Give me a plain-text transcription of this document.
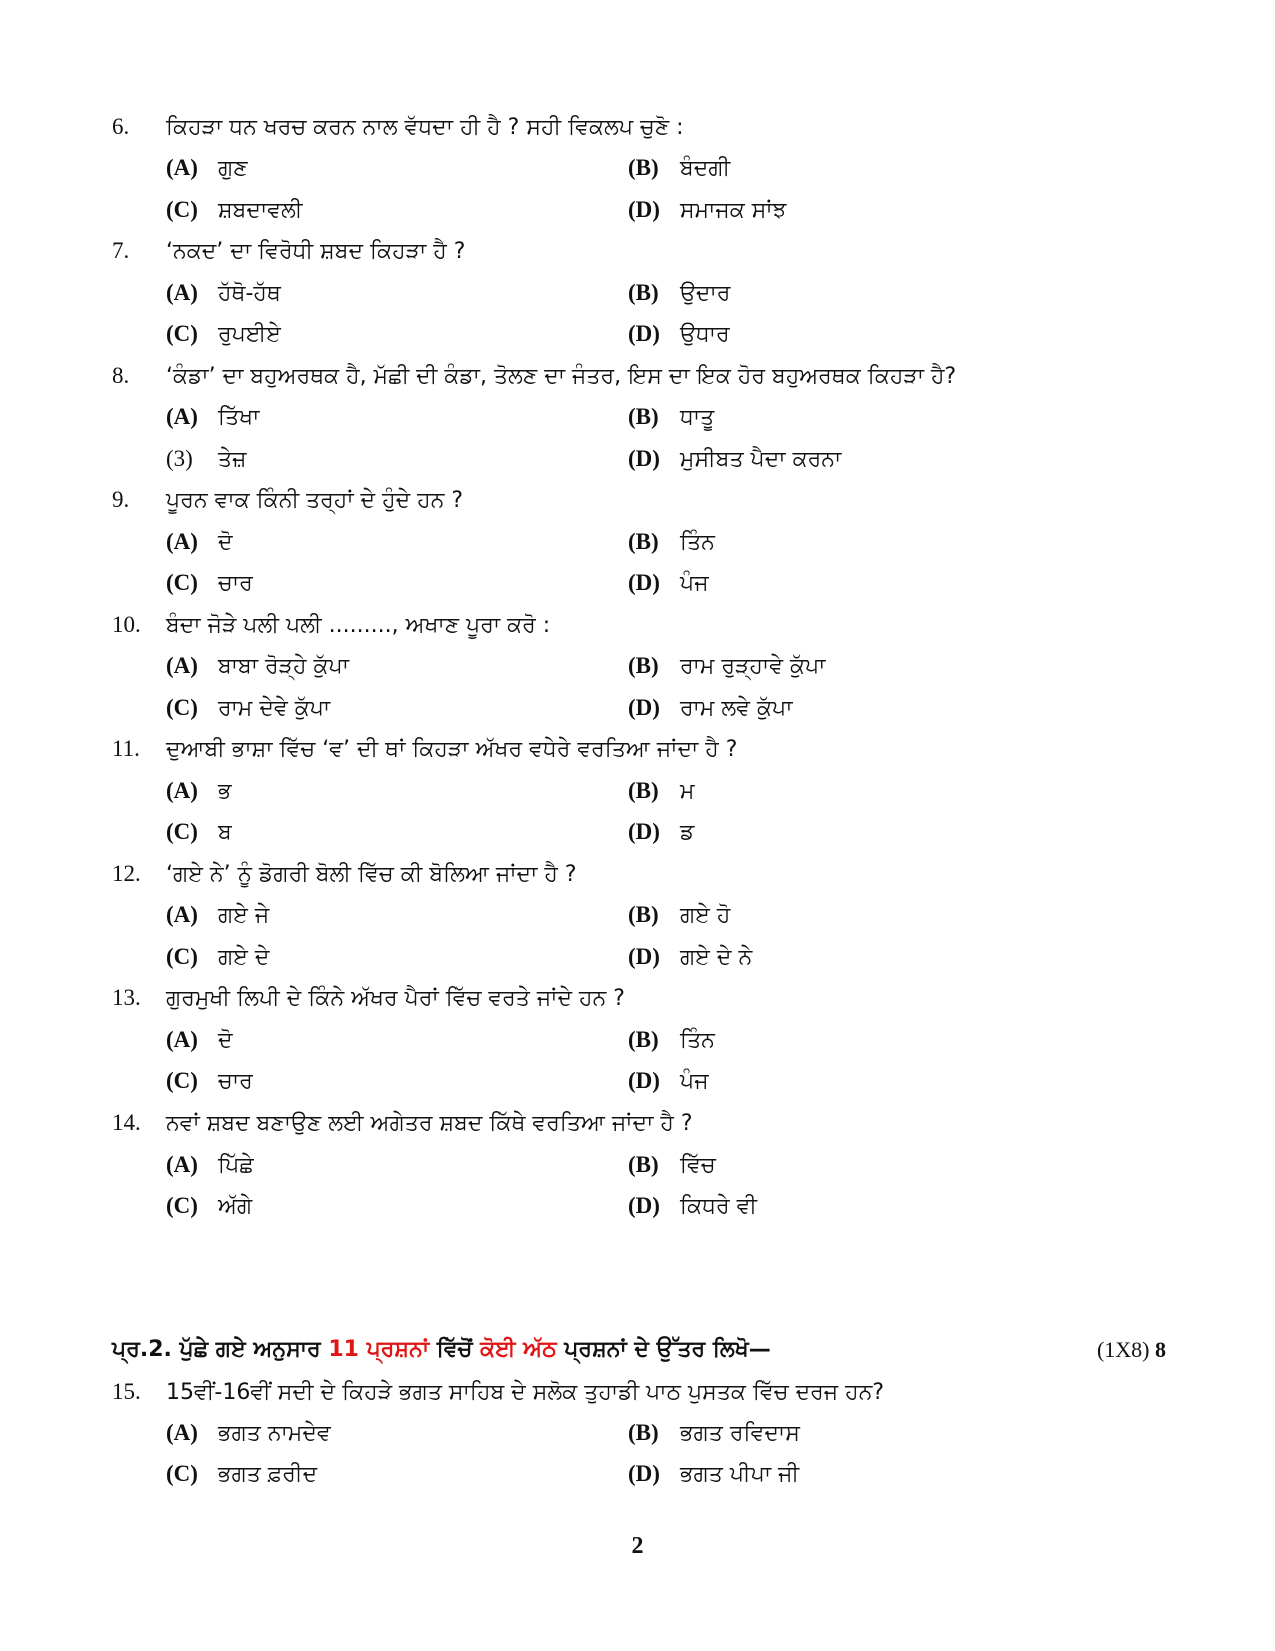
6. ਕਿਹੜਾ ਧਨ ਖਰਚ ਕਰਨ ਨਾਲ ਵੱਧਦਾ ਹੀ ਹੈ ? ਸਹੀ ਵਿਕਲਪ ਚੁਣੋ :
(A) ਗੁਣ	(B) ਬੰਦਗੀ
(C) ਸ਼ਬਦਾਵਲੀ	(D) ਸਮਾਜਕ ਸਾਂਝ
7. ‘ਨਕਦ’ ਦਾ ਵਿਰੋਧੀ ਸ਼ਬਦ ਕਿਹੜਾ ਹੈ ?
(A) ਹੱਥੋ-ਹੱਥ	(B) ਉਦਾਰ
(C) ਰੁਪਈਏ	(D) ਉਧਾਰ
8. ‘ਕੰਡਾ’ ਦਾ ਬਹੁਅਰਥਕ ਹੈ, ਮੱਛੀ ਦੀ ਕੰਡਾ, ਤੋਲਣ ਦਾ ਜੰਤਰ, ਇਸ ਦਾ ਇਕ ਹੋਰ ਬਹੁਅਰਥਕ ਕਿਹੜਾ ਹੈ?
(A) ਤਿੱਖਾ	(B) ਧਾਤੂ
(3) ਤੇਜ਼	(D) ਮੁਸੀਬਤ ਪੈਦਾ ਕਰਨਾ
9. ਪੂਰਨ ਵਾਕ ਕਿੰਨੀ ਤਰ੍ਹਾਂ ਦੇ ਹੁੰਦੇ ਹਨ ?
(A) ਦੋ	(B) ਤਿੰਨ
(C) ਚਾਰ	(D) ਪੰਜ
10. ਬੰਦਾ ਜੋੜੇ ਪਲੀ ਪਲੀ ........., ਅਖਾਣ ਪੂਰਾ ਕਰੋ :
(A) ਬਾਬਾ ਰੋੜ੍ਹੇ ਕੁੱਪਾ	(B) ਰਾਮ ਰੁੜ੍ਹਾਵੇ ਕੁੱਪਾ
(C) ਰਾਮ ਦੇਵੇ ਕੁੱਪਾ	(D) ਰਾਮ ਲਵੇ ਕੁੱਪਾ
11. ਦੁਆਬੀ ਭਾਸ਼ਾ ਵਿੱਚ ‘ਵ’ ਦੀ ਥਾਂ ਕਿਹੜਾ ਅੱਖਰ ਵਧੇਰੇ ਵਰਤਿਆ ਜਾਂਦਾ ਹੈ ?
(A) ਭ	(B) ਮ
(C) ਬ	(D) ਡ
12. ‘ਗਏ ਨੇ’ ਨੂੰ ਡੋਗਰੀ ਬੋਲੀ ਵਿੱਚ ਕੀ ਬੋਲਿਆ ਜਾਂਦਾ ਹੈ ?
(A) ਗਏ ਜੇ	(B) ਗਏ ਹੋ
(C) ਗਏ ਦੇ	(D) ਗਏ ਦੇ ਨੇ
13. ਗੁਰਮੁਖੀ ਲਿਪੀ ਦੇ ਕਿੰਨੇ ਅੱਖਰ ਪੈਰਾਂ ਵਿੱਚ ਵਰਤੇ ਜਾਂਦੇ ਹਨ ?
(A) ਦੋ	(B) ਤਿੰਨ
(C) ਚਾਰ	(D) ਪੰਜ
14. ਨਵਾਂ ਸ਼ਬਦ ਬਣਾਉਣ ਲਈ ਅਗੇਤਰ ਸ਼ਬਦ ਕਿੱਥੇ ਵਰਤਿਆ ਜਾਂਦਾ ਹੈ ?
(A) ਪਿੱਛੇ	(B) ਵਿੱਚ
(C) ਅੱਗੇ	(D) ਕਿਧਰੇ ਵੀ
ਪ੍ਰ.2. ਪੁੱਛੇ ਗਏ ਅਨੁਸਾਰ 11 ਪ੍ਰਸ਼ਨਾਂ ਵਿੱਚੋਂ ਕੋਈ ਅੱਠ ਪ੍ਰਸ਼ਨਾਂ ਦੇ ਉੱਤਰ ਲਿਖੋ—	(1X8) 8
15. 15ਵੀਂ-16ਵੀਂ ਸਦੀ ਦੇ ਕਿਹੜੇ ਭਗਤ ਸਾਹਿਬ ਦੇ ਸਲੋਕ ਤੁਹਾਡੀ ਪਾਠ ਪੁਸਤਕ ਵਿੱਚ ਦਰਜ ਹਨ?
(A) ਭਗਤ ਨਾਮਦੇਵ	(B) ਭਗਤ ਰਵਿਦਾਸ
(C) ਭਗਤ ਫ਼ਰੀਦ	(D) ਭਗਤ ਪੀਪਾ ਜੀ
2
